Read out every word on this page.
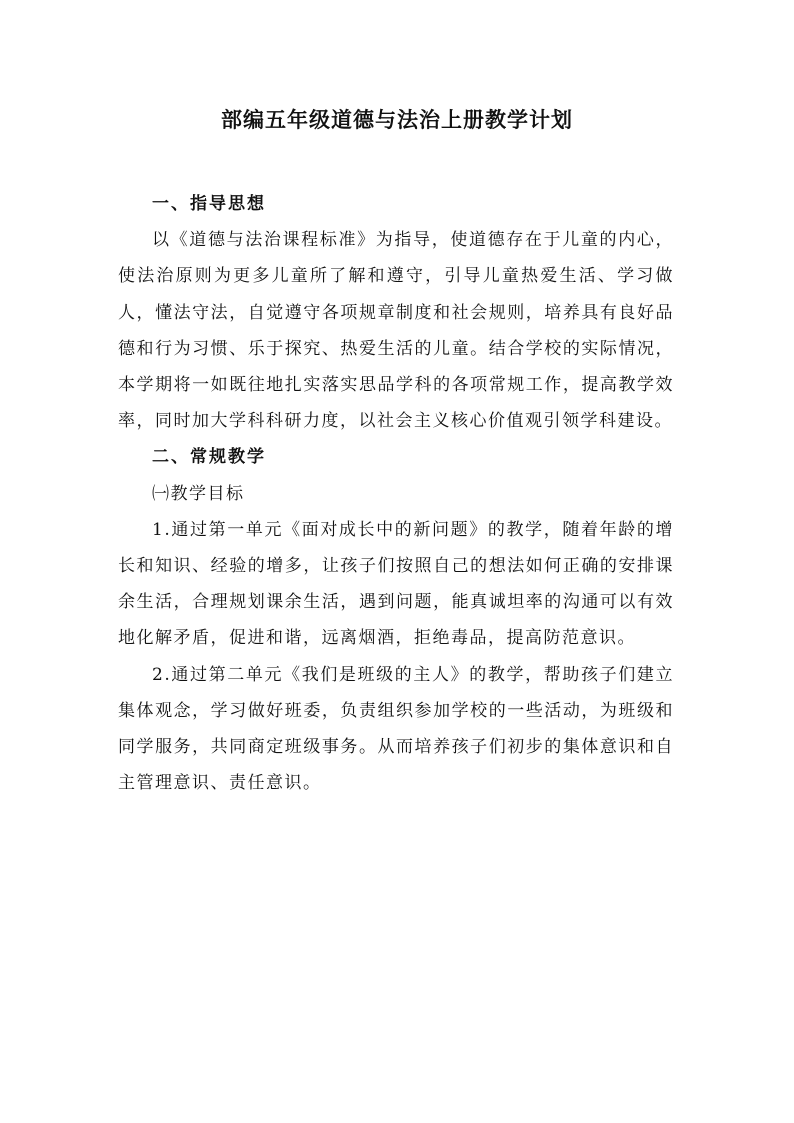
部编五年级道德与法治上册教学计划

一、指导思想

以《道德与法治课程标准》为指导，使道德存在于儿童的内心，使法治原则为更多儿童所了解和遵守，引导儿童热爱生活、学习做人，懂法守法，自觉遵守各项规章制度和社会规则，培养具有良好品德和行为习惯、乐于探究、热爱生活的儿童。结合学校的实际情况，本学期将一如既往地扎实落实思品学科的各项常规工作，提高教学效率，同时加大学科科研力度，以社会主义核心价值观引领学科建设。

二、常规教学

㈠教学目标

1.通过第一单元《面对成长中的新问题》的教学，随着年龄的增长和知识、经验的增多，让孩子们按照自己的想法如何正确的安排课余生活，合理规划课余生活，遇到问题，能真诚坦率的沟通可以有效地化解矛盾，促进和谐，远离烟酒，拒绝毒品，提高防范意识。

2.通过第二单元《我们是班级的主人》的教学，帮助孩子们建立集体观念，学习做好班委，负责组织参加学校的一些活动，为班级和同学服务，共同商定班级事务。从而培养孩子们初步的集体意识和自主管理意识、责任意识。
